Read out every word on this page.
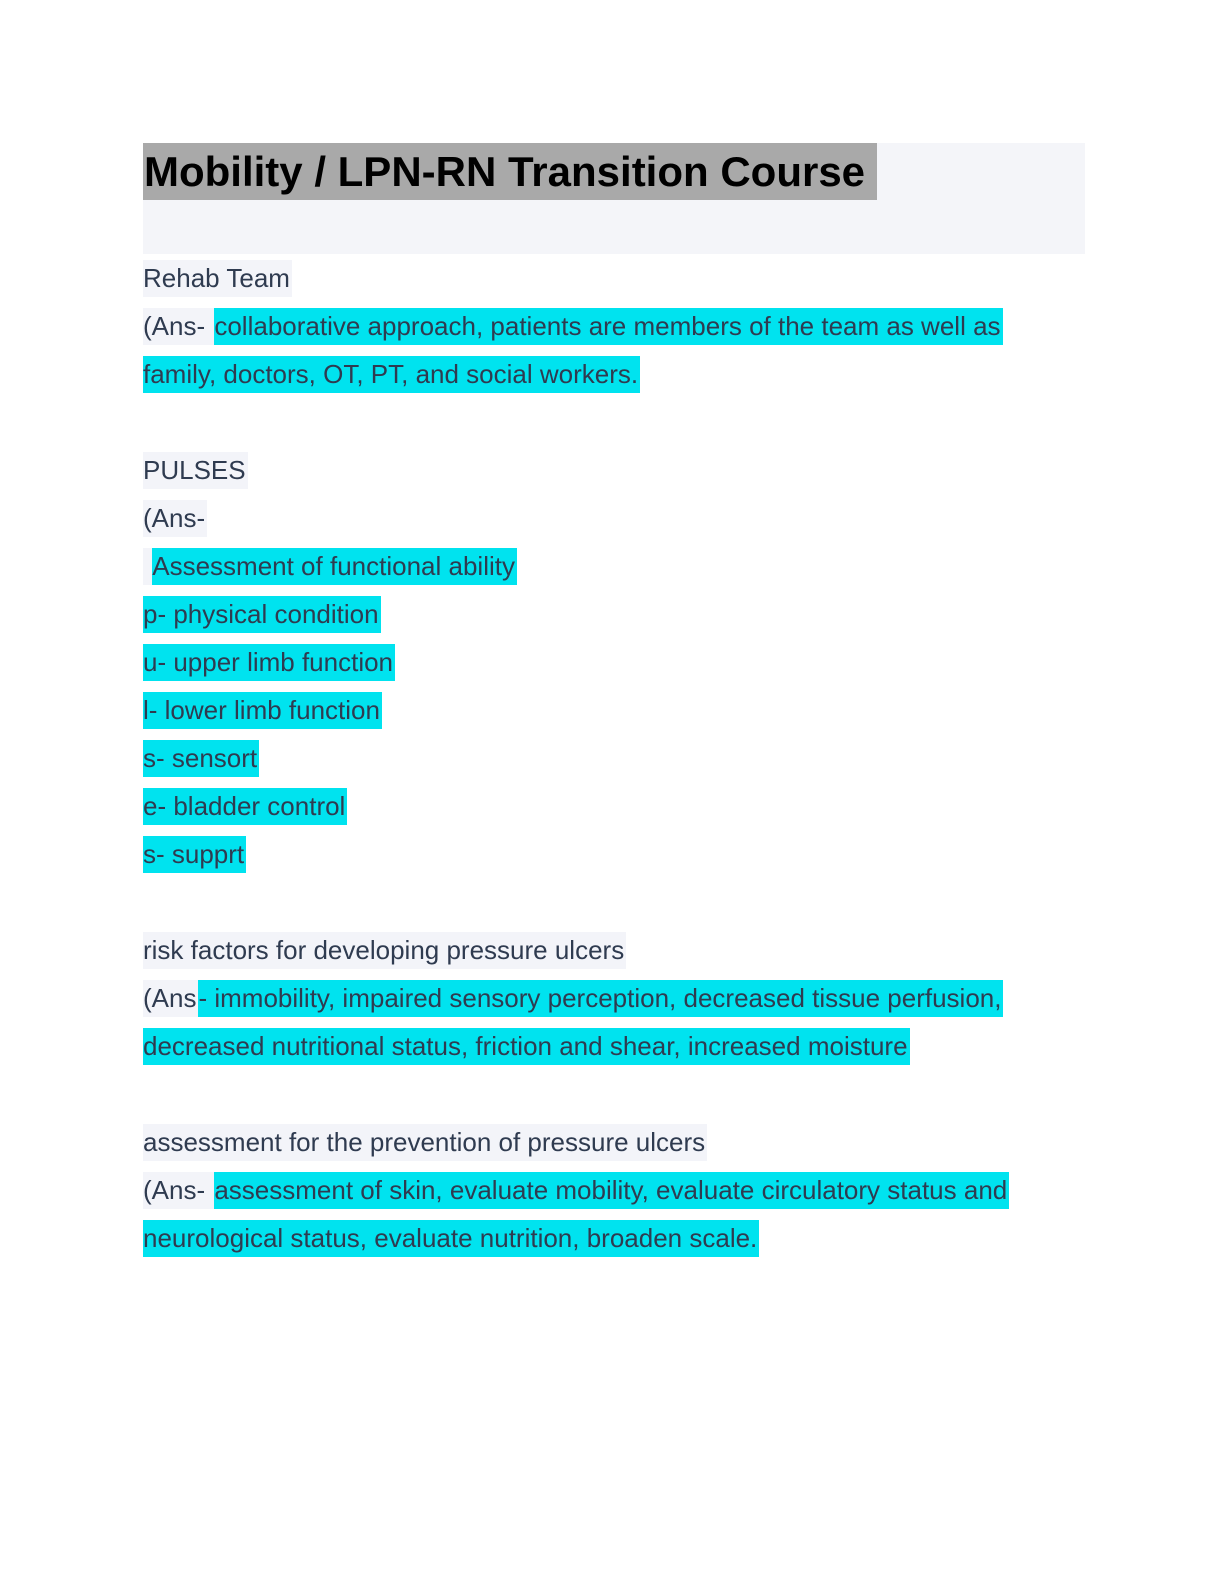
Mobility / LPN-RN Transition Course
Rehab Team
(Ans- collaborative approach, patients are members of the team as well as
family, doctors, OT, PT, and social workers.
PULSES
(Ans-
Assessment of functional ability
p- physical condition
u- upper limb function
l- lower limb function
s- sensort
e- bladder control
s- supprt
risk factors for developing pressure ulcers
(Ans- immobility, impaired sensory perception, decreased tissue perfusion,
decreased nutritional status, friction and shear, increased moisture
assessment for the prevention of pressure ulcers
(Ans- assessment of skin, evaluate mobility, evaluate circulatory status and
neurological status, evaluate nutrition, broaden scale.
